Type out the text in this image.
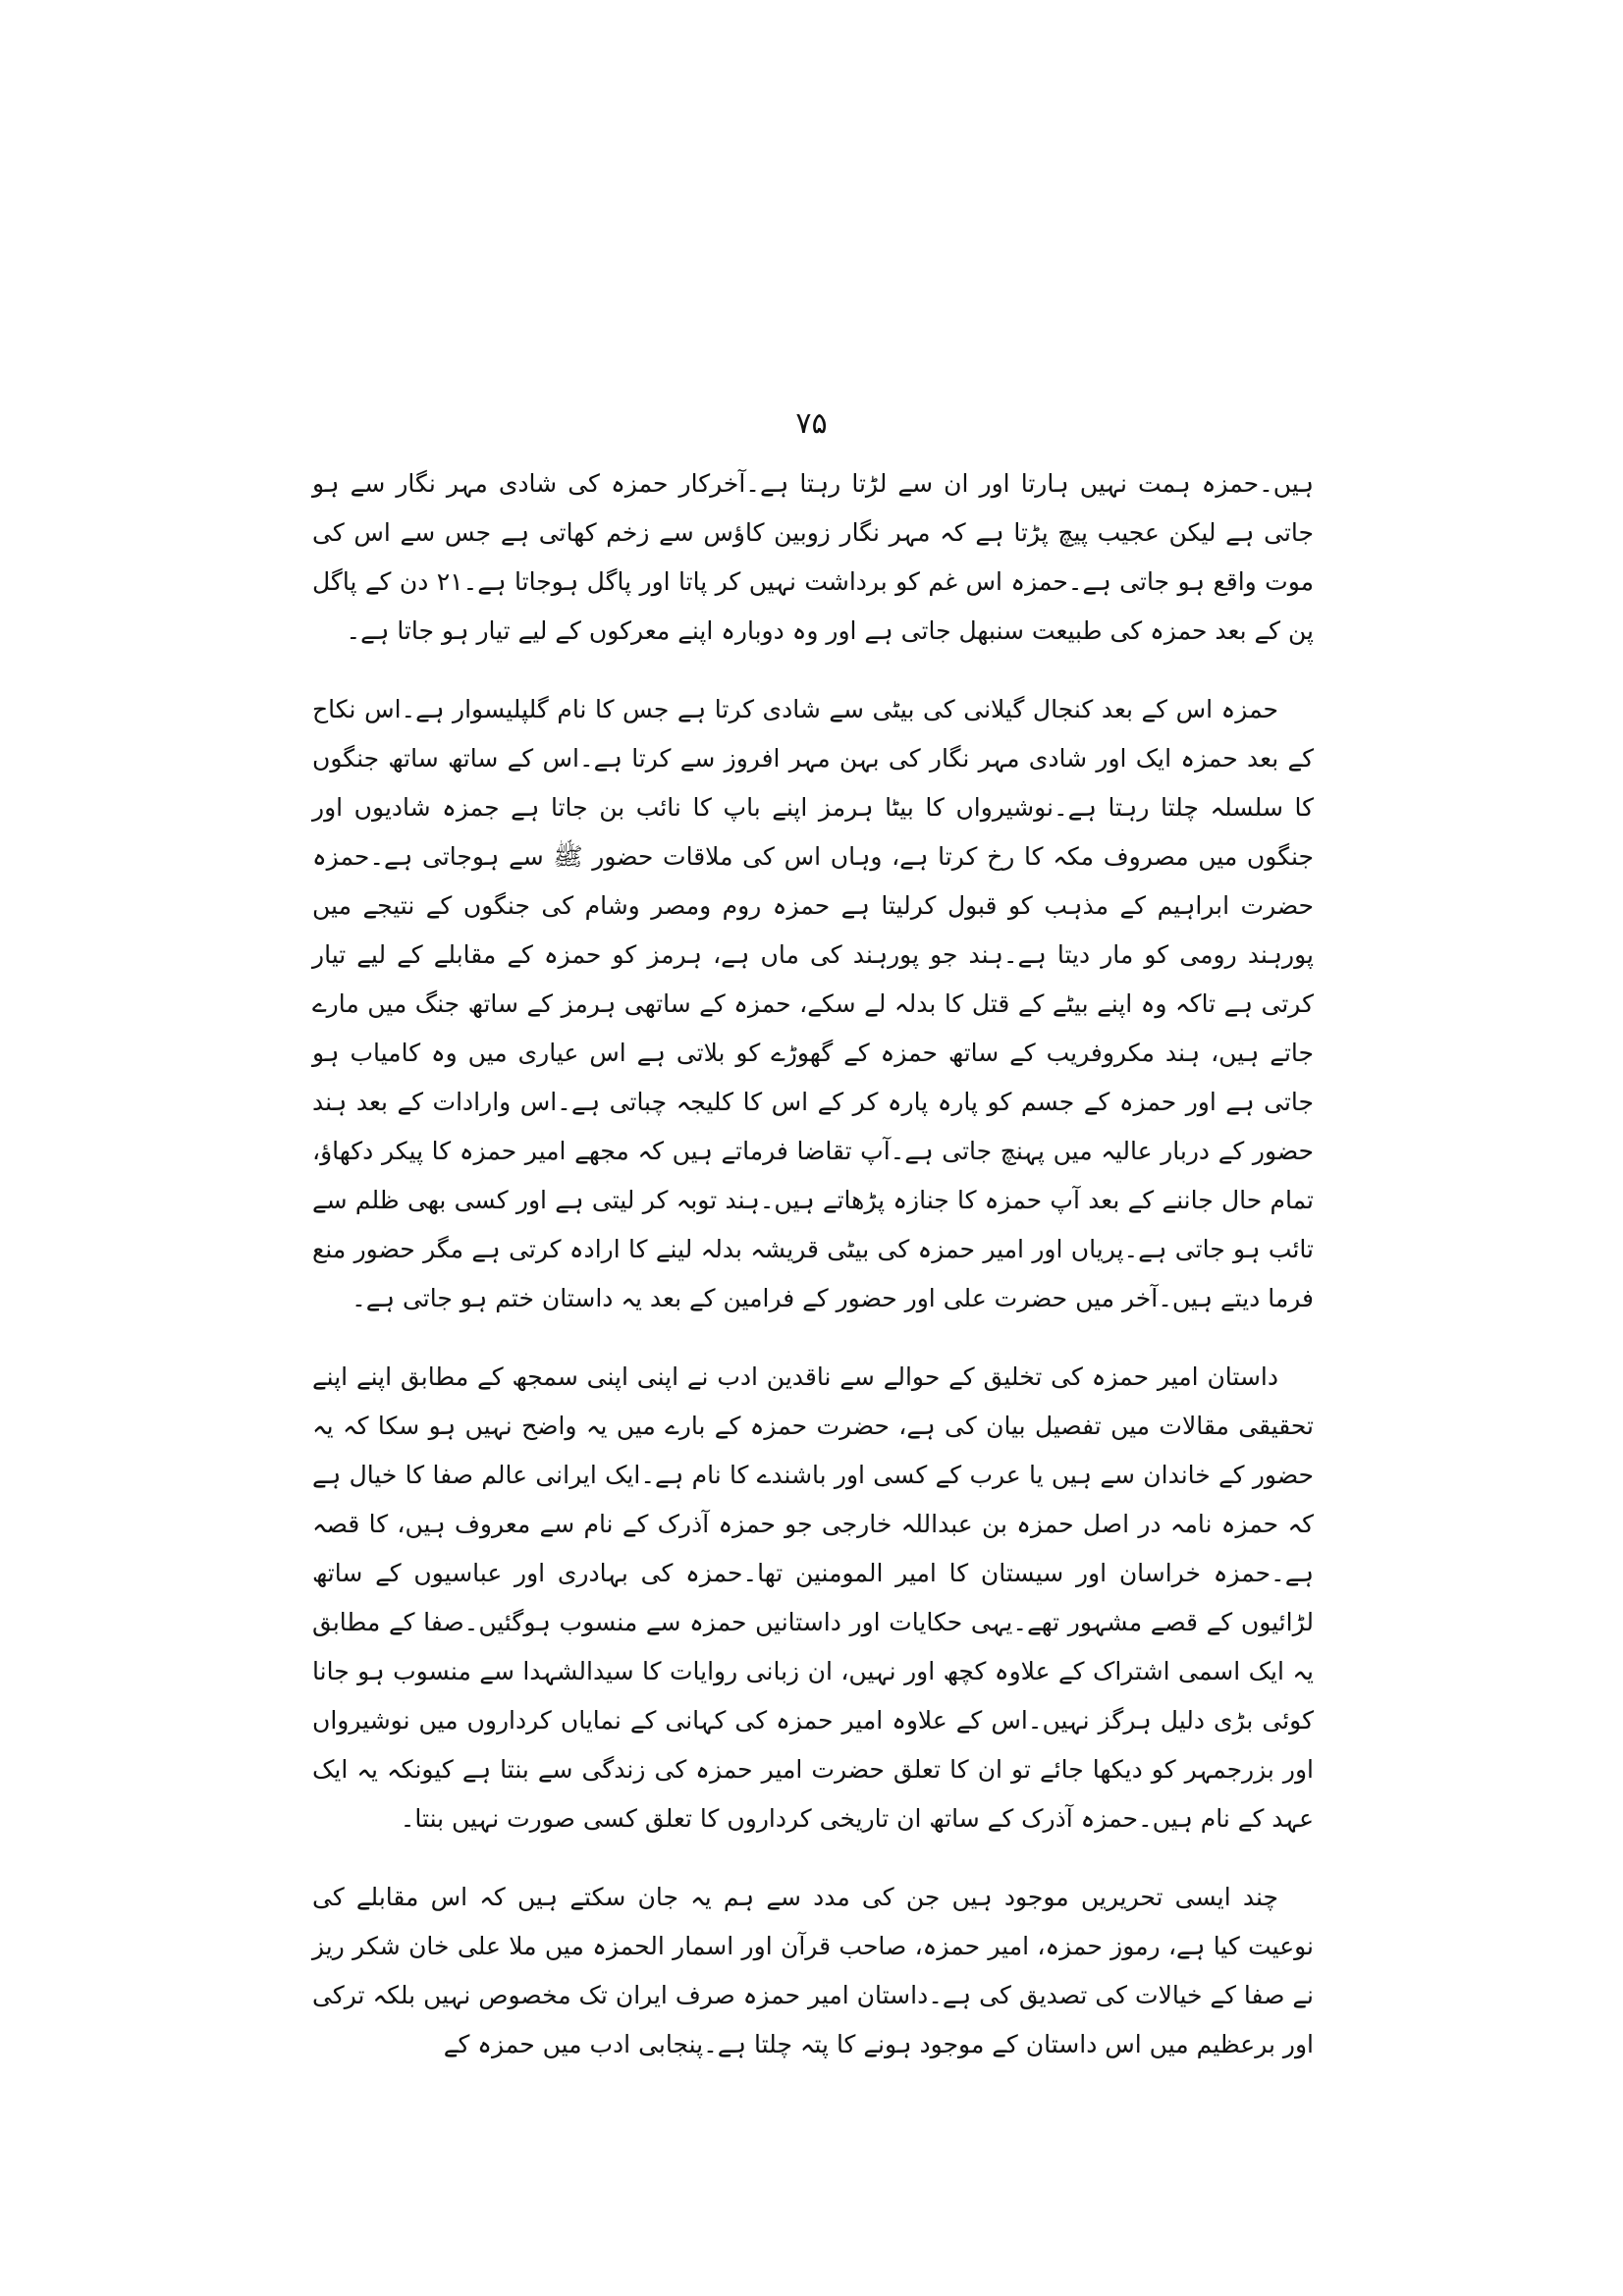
۷۵

ہیں۔حمزہ ہمت نہیں ہارتا اور ان سے لڑتا رہتا ہے۔آخرکار حمزہ کی شادی مہر نگار سے ہو جاتی ہے لیکن عجیب پیچ پڑتا ہے کہ مہر نگار زوبین کاؤس سے زخم کھاتی ہے جس سے اس کی موت واقع ہو جاتی ہے۔حمزہ اس غم کو برداشت نہیں کر پاتا اور پاگل ہوجاتا ہے۔۲۱ دن کے پاگل پن کے بعد حمزہ کی طبیعت سنبھل جاتی ہے اور وہ دوبارہ اپنے معرکوں کے لیے تیار ہو جاتا ہے۔

حمزہ اس کے بعد کنجال گیلانی کی بیٹی سے شادی کرتا ہے جس کا نام گلپلیسوار ہے۔اس نکاح کے بعد حمزہ ایک اور شادی مہر نگار کی بہن مہر افروز سے کرتا ہے۔اس کے ساتھ ساتھ جنگوں کا سلسلہ چلتا رہتا ہے۔نوشیرواں کا بیٹا ہرمز اپنے باپ کا نائب بن جاتا ہے جمزہ شادیوں اور جنگوں میں مصروف مکہ کا رخ کرتا ہے، وہاں اس کی ملاقات حضور ﷺ سے ہوجاتی ہے۔حمزہ حضرت ابراہیم کے مذہب کو قبول کرلیتا ہے حمزہ روم ومصر وشام کی جنگوں کے نتیجے میں پورہند رومی کو مار دیتا ہے۔ہند جو پورہند کی ماں ہے، ہرمز کو حمزہ کے مقابلے کے لیے تیار کرتی ہے تاکہ وہ اپنے بیٹے کے قتل کا بدلہ لے سکے، حمزہ کے ساتھی ہرمز کے ساتھ جنگ میں مارے جاتے ہیں، ہند مکروفریب کے ساتھ حمزہ کے گھوڑے کو بلاتی ہے اس عیاری میں وہ کامیاب ہو جاتی ہے اور حمزہ کے جسم کو پارہ پارہ کر کے اس کا کلیجہ چباتی ہے۔اس وارادات کے بعد ہند حضور کے دربار عالیہ میں پہنچ جاتی ہے۔آپ تقاضا فرماتے ہیں کہ مجھے امیر حمزہ کا پیکر دکھاؤ، تمام حال جاننے کے بعد آپ حمزہ کا جنازہ پڑھاتے ہیں۔ہند توبہ کر لیتی ہے اور کسی بھی ظلم سے تائب ہو جاتی ہے۔پریاں اور امیر حمزہ کی بیٹی قریشہ بدلہ لینے کا ارادہ کرتی ہے مگر حضور منع فرما دیتے ہیں۔آخر میں حضرت علی اور حضور کے فرامین کے بعد یہ داستان ختم ہو جاتی ہے۔

داستان امیر حمزہ کی تخلیق کے حوالے سے ناقدین ادب نے اپنی اپنی سمجھ کے مطابق اپنے اپنے تحقیقی مقالات میں تفصیل بیان کی ہے، حضرت حمزہ کے بارے میں یہ واضح نہیں ہو سکا کہ یہ حضور کے خاندان سے ہیں یا عرب کے کسی اور باشندے کا نام ہے۔ایک ایرانی عالم صفا کا خیال ہے کہ حمزہ نامہ در اصل حمزہ بن عبداللہ خارجی جو حمزہ آذرک کے نام سے معروف ہیں، کا قصہ ہے۔حمزہ خراسان اور سیستان کا امیر المومنین تھا۔حمزہ کی بہادری اور عباسیوں کے ساتھ لڑائیوں کے قصے مشہور تھے۔یہی حکایات اور داستانیں حمزہ سے منسوب ہوگئیں۔صفا کے مطابق یہ ایک اسمی اشتراک کے علاوہ کچھ اور نہیں، ان زبانی روایات کا سیدالشہدا سے منسوب ہو جانا کوئی بڑی دلیل ہرگز نہیں۔اس کے علاوہ امیر حمزہ کی کہانی کے نمایاں کرداروں میں نوشیرواں اور بزرجمہر کو دیکھا جائے تو ان کا تعلق حضرت امیر حمزہ کی زندگی سے بنتا ہے کیونکہ یہ ایک عہد کے نام ہیں۔حمزہ آذرک کے ساتھ ان تاریخی کرداروں کا تعلق کسی صورت نہیں بنتا۔

چند ایسی تحریریں موجود ہیں جن کی مدد سے ہم یہ جان سکتے ہیں کہ اس مقابلے کی نوعیت کیا ہے، رموز حمزہ، امیر حمزہ، صاحب قرآن اور اسمار الحمزہ میں ملا علی خان شکر ریز نے صفا کے خیالات کی تصدیق کی ہے۔داستان امیر حمزہ صرف ایران تک مخصوص نہیں بلکہ ترکی اور برعظیم میں اس داستان کے موجود ہونے کا پتہ چلتا ہے۔پنجابی ادب میں حمزہ کے
